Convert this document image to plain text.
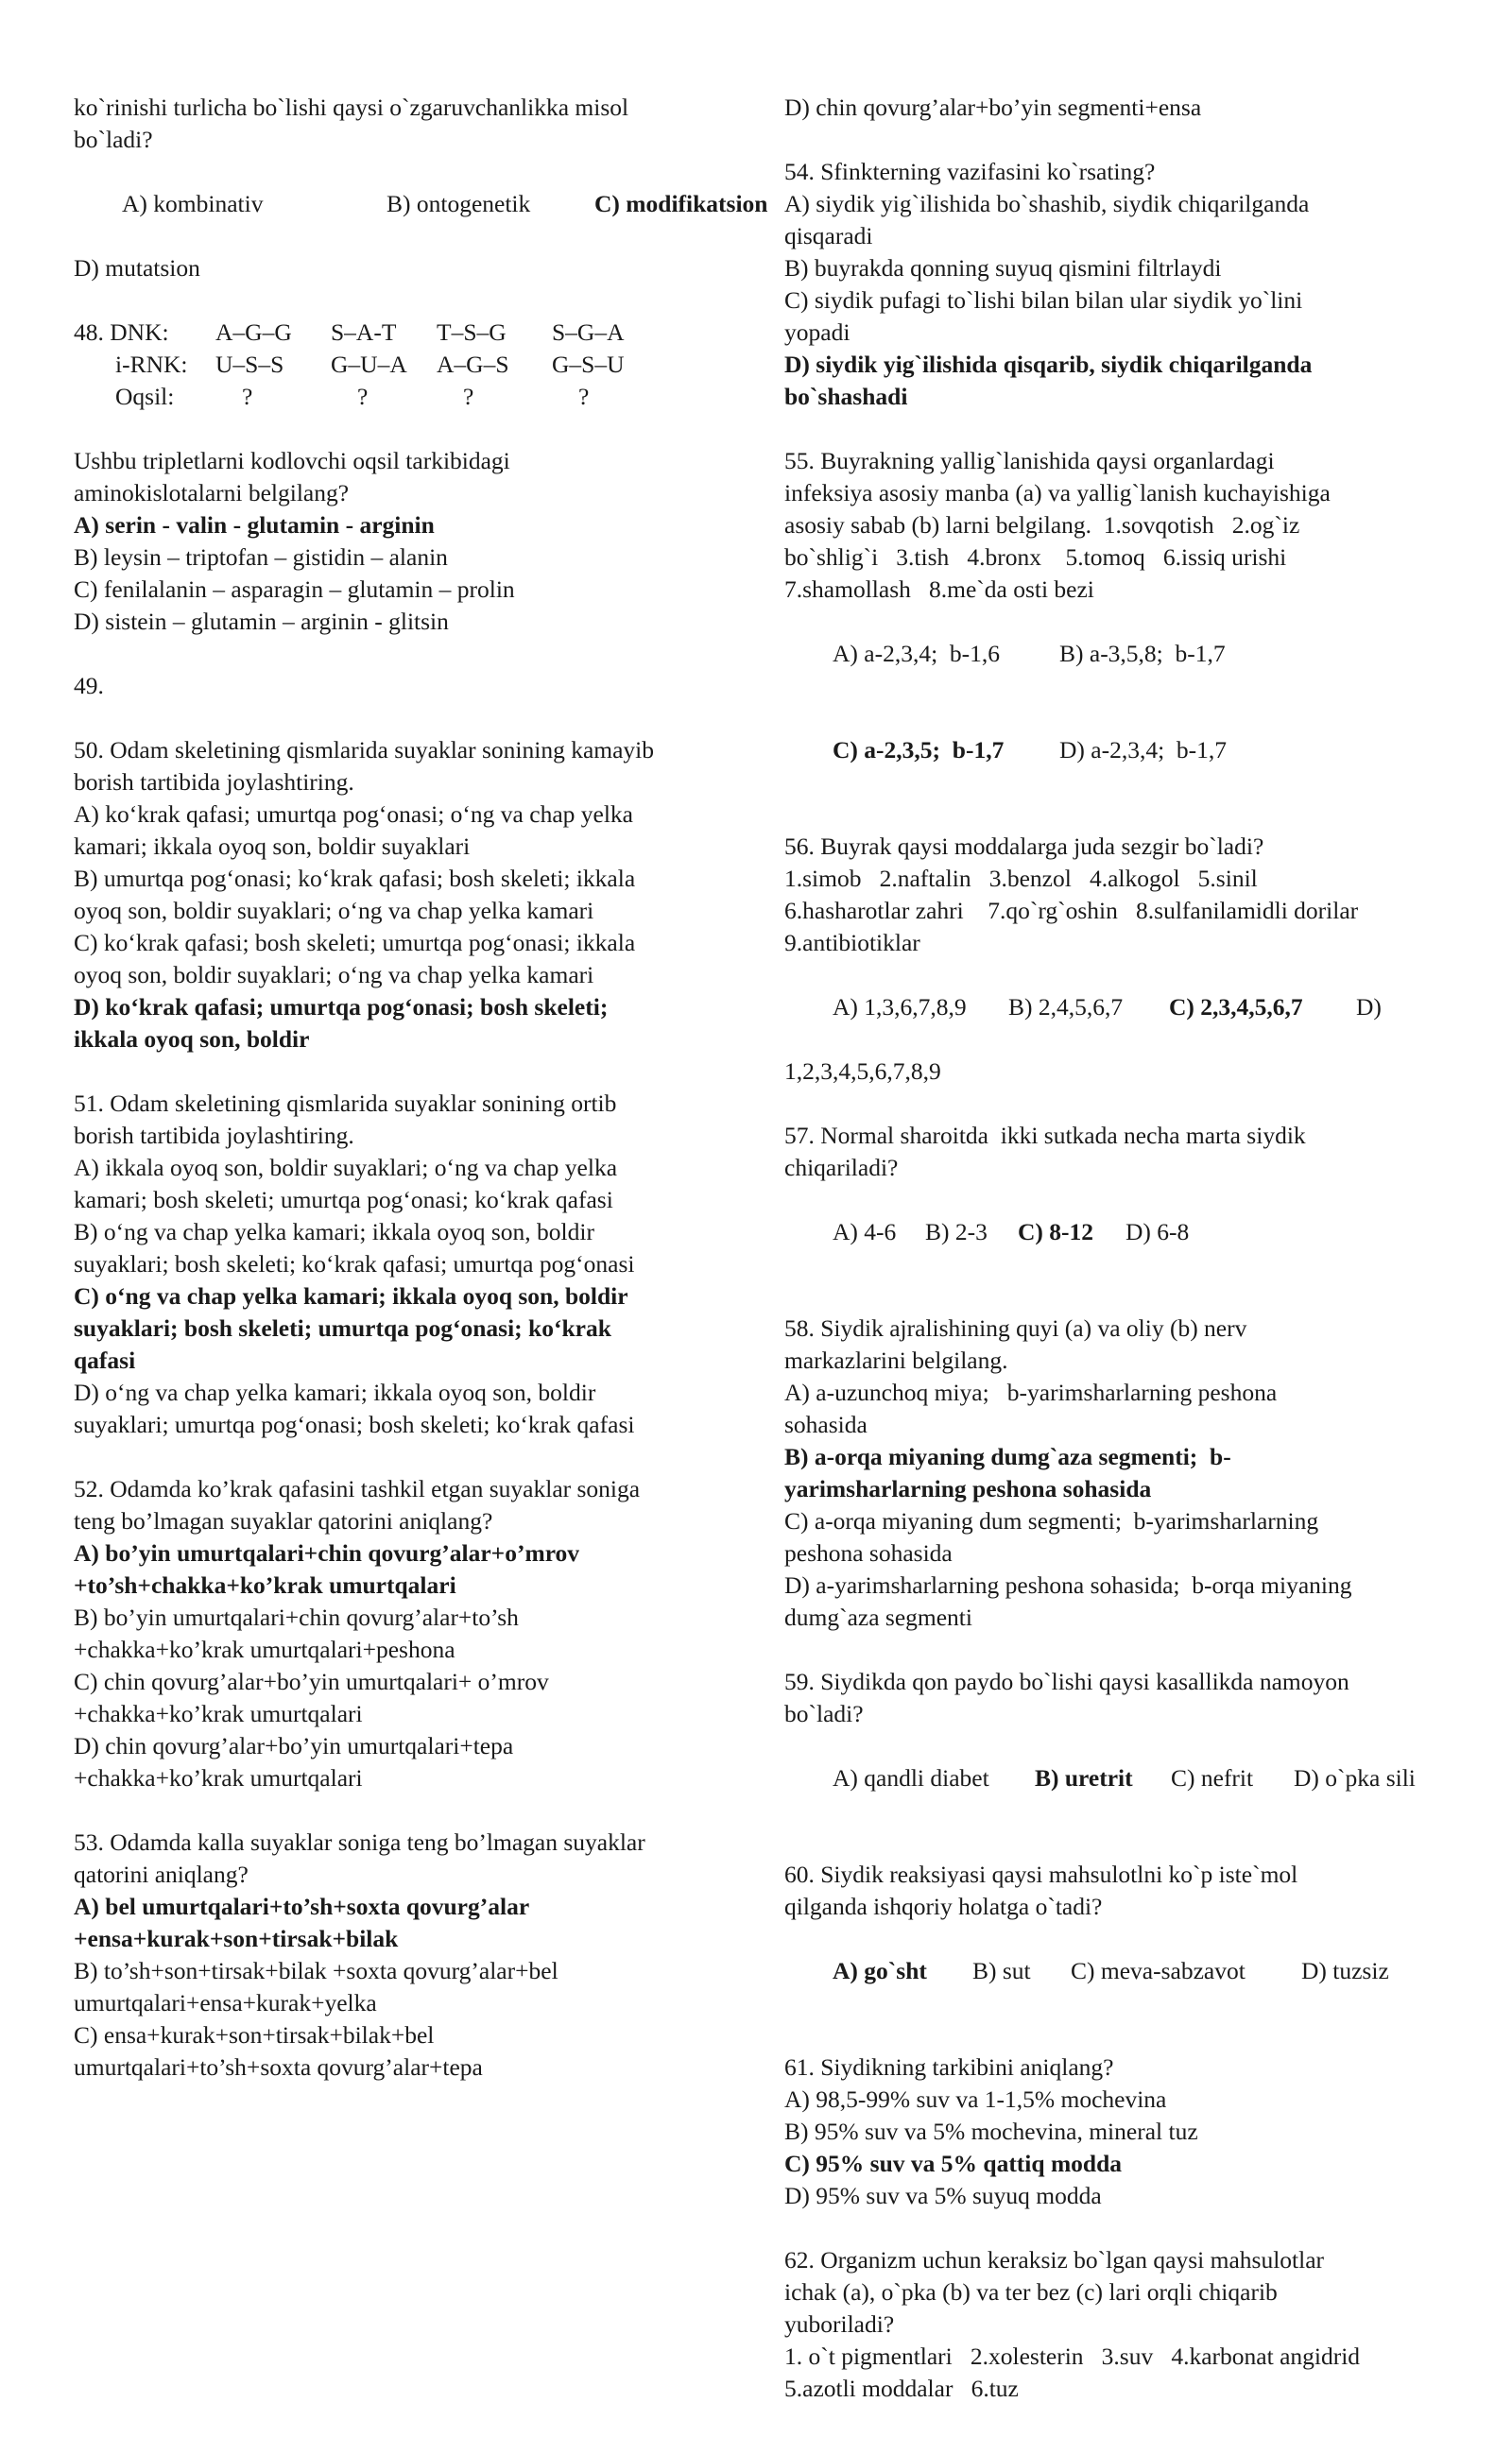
ko`rinishi turlicha bo`lishi qaysi o`zgaruvchanlikka misol
bo`ladi?

A) kombinativ	B) ontogenetik	C) modifikatsion

D) mutatsion
48. DNK:	A–G–G	S–A-T	T–S–G	S–G–A
i-RNK:	U–S–S	G–U–A	A–G–S	G–S–U
Oqsil:	?	?	?	?
Ushbu tripletlarni kodlovchi oqsil tarkibidagi
aminokislotalarni belgilang?
A) serin - valin - glutamin - arginin
B) leysin – triptofan – gistidin – alanin
C) fenilalanin – asparagin – glutamin – prolin
D) sistein – glutamin – arginin - glitsin
49.
50. Odam skeletining qismlarida suyaklar sonining kamayib
borish tartibida joylashtiring.
A) ko‘krak qafasi; umurtqa pog‘onasi; o‘ng va chap yelka
kamari; ikkala oyoq son, boldir suyaklari
B) umurtqa pog‘onasi; ko‘krak qafasi; bosh skeleti; ikkala
oyoq son, boldir suyaklari; o‘ng va chap yelka kamari
C) ko‘krak qafasi; bosh skeleti; umurtqa pog‘onasi; ikkala
oyoq son, boldir suyaklari; o‘ng va chap yelka kamari
D) ko‘krak qafasi; umurtqa pog‘onasi; bosh skeleti;
ikkala oyoq son, boldir
51. Odam skeletining qismlarida suyaklar sonining ortib
borish tartibida joylashtiring.
A) ikkala oyoq son, boldir suyaklari; o‘ng va chap yelka
kamari; bosh skeleti; umurtqa pog‘onasi; ko‘krak qafasi
B) o‘ng va chap yelka kamari; ikkala oyoq son, boldir
suyaklari; bosh skeleti; ko‘krak qafasi; umurtqa pog‘onasi
C) o‘ng va chap yelka kamari; ikkala oyoq son, boldir
suyaklari; bosh skeleti; umurtqa pog‘onasi; ko‘krak
qafasi
D) o‘ng va chap yelka kamari; ikkala oyoq son, boldir
suyaklari; umurtqa pog‘onasi; bosh skeleti; ko‘krak qafasi
52. Odamda ko’krak qafasini tashkil etgan suyaklar soniga
teng bo’lmagan suyaklar qatorini aniqlang?
A) bo’yin umurtqalari+chin qovurg’alar+o’mrov
+to’sh+chakka+ko’krak umurtqalari
B) bo’yin umurtqalari+chin qovurg’alar+to’sh
+chakka+ko’krak umurtqalari+peshona
C) chin qovurg’alar+bo’yin umurtqalari+ o’mrov
+chakka+ko’krak umurtqalari
D) chin qovurg’alar+bo’yin umurtqalari+tepa
+chakka+ko’krak umurtqalari
53. Odamda kalla suyaklar soniga teng bo’lmagan suyaklar
qatorini aniqlang?
A) bel umurtqalari+to’sh+soxta qovurg’alar
+ensa+kurak+son+tirsak+bilak
B) to’sh+son+tirsak+bilak +soxta qovurg’alar+bel
umurtqalari+ensa+kurak+yelka
C) ensa+kurak+son+tirsak+bilak+bel
umurtqalari+to’sh+soxta qovurg’alar+tepa
D) chin qovurg’alar+bo’yin segmenti+ensa
54. Sfinkterning vazifasini ko`rsating?
A) siydik yig`ilishida bo`shashib, siydik chiqarilganda
qisqaradi
B) buyrakda qonning suyuq qismini filtrlaydi
C) siydik pufagi to`lishi bilan bilan ular siydik yo`lini
yopadi
D) siydik yig`ilishida qisqarib, siydik chiqarilganda
bo`shashadi
55. Buyrakning yallig`lanishida qaysi organlardagi
infeksiya asosiy manba (a) va yallig`lanish kuchayishiga
asosiy sabab (b) larni belgilang.  1.sovqotish   2.og`iz
bo`shlig`i   3.tish   4.bronx    5.tomoq   6.issiq urishi
7.shamollash   8.me`da osti bezi

A) a-2,3,4;  b-1,6 B) a-3,5,8;  b-1,7

C) a-2,3,5;  b-1,7 D) a-2,3,4;  b-1,7

56. Buyrak qaysi moddalarga juda sezgir bo`ladi?
1.simob   2.naftalin   3.benzol   4.alkogol   5.sinil
6.hasharotlar zahri    7.qo`rg`oshin   8.sulfanilamidli dorilar
9.antibiotiklar

A) 1,3,6,7,8,9 B) 2,4,5,6,7 C) 2,3,4,5,6,7 D)

1,2,3,4,5,6,7,8,9
57. Normal sharoitda  ikki sutkada necha marta siydik
chiqariladi?

A) 4-6 B) 2-3 C) 8-12 D) 6-8

58. Siydik ajralishining quyi (a) va oliy (b) nerv
markazlarini belgilang.
A) a-uzunchoq miya;   b-yarimsharlarning peshona
sohasida
B) a-orqa miyaning dumg`aza segmenti;  b-
yarimsharlarning peshona sohasida
C) a-orqa miyaning dum segmenti;  b-yarimsharlarning
peshona sohasida
D) a-yarimsharlarning peshona sohasida;  b-orqa miyaning
dumg`aza segmenti
59. Siydikda qon paydo bo`lishi qaysi kasallikda namoyon
bo`ladi?

A) qandli diabet B) uretrit C) nefrit D) o`pka sili

60. Siydik reaksiyasi qaysi mahsulotlni ko`p iste`mol
qilganda ishqoriy holatga o`tadi?

A) go`sht B) sut C) meva-sabzavot D) tuzsiz

61. Siydikning tarkibini aniqlang?
A) 98,5-99% suv va 1-1,5% mochevina
B) 95% suv va 5% mochevina, mineral tuz
C) 95% suv va 5% qattiq modda
D) 95% suv va 5% suyuq modda
62. Organizm uchun keraksiz bo`lgan qaysi mahsulotlar
ichak (a), o`pka (b) va ter bez (c) lari orqli chiqarib
yuboriladi?
1. o`t pigmentlari   2.xolesterin   3.suv   4.karbonat angidrid
5.azotli moddalar   6.tuz
